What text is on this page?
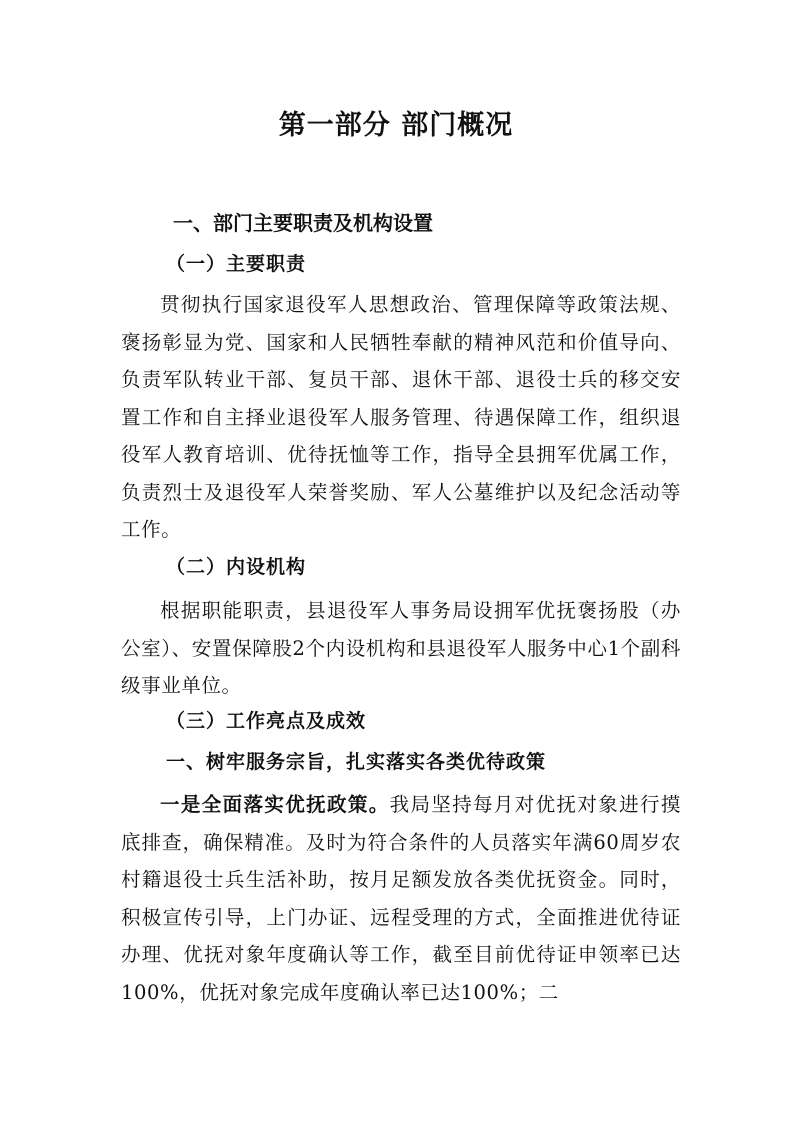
第一部分 部门概况
一、部门主要职责及机构设置
（一）主要职责

贯彻执行国家退役军人思想政治、管理保障等政策法规、褒扬彰显为党、国家和人民牺牲奉献的精神风范和价值导向、负责军队转业干部、复员干部、退休干部、退役士兵的移交安置工作和自主择业退役军人服务管理、待遇保障工作，组织退役军人教育培训、优待抚恤等工作，指导全县拥军优属工作，负责烈士及退役军人荣誉奖励、军人公墓维护以及纪念活动等工作。

（二）内设机构

根据职能职责，县退役军人事务局设拥军优抚褒扬股（办公室）、安置保障股2个内设机构和县退役军人服务中心1个副科级事业单位。

（三）工作亮点及成效
一、树牢服务宗旨，扎实落实各类优待政策

一是全面落实优抚政策。我局坚持每月对优抚对象进行摸底排查，确保精准。及时为符合条件的人员落实年满60周岁农村籍退役士兵生活补助，按月足额发放各类优抚资金。同时，积极宣传引导，上门办证、远程受理的方式，全面推进优待证办理、优抚对象年度确认等工作，截至目前优待证申领率已达100%，优抚对象完成年度确认率已达100%；二
